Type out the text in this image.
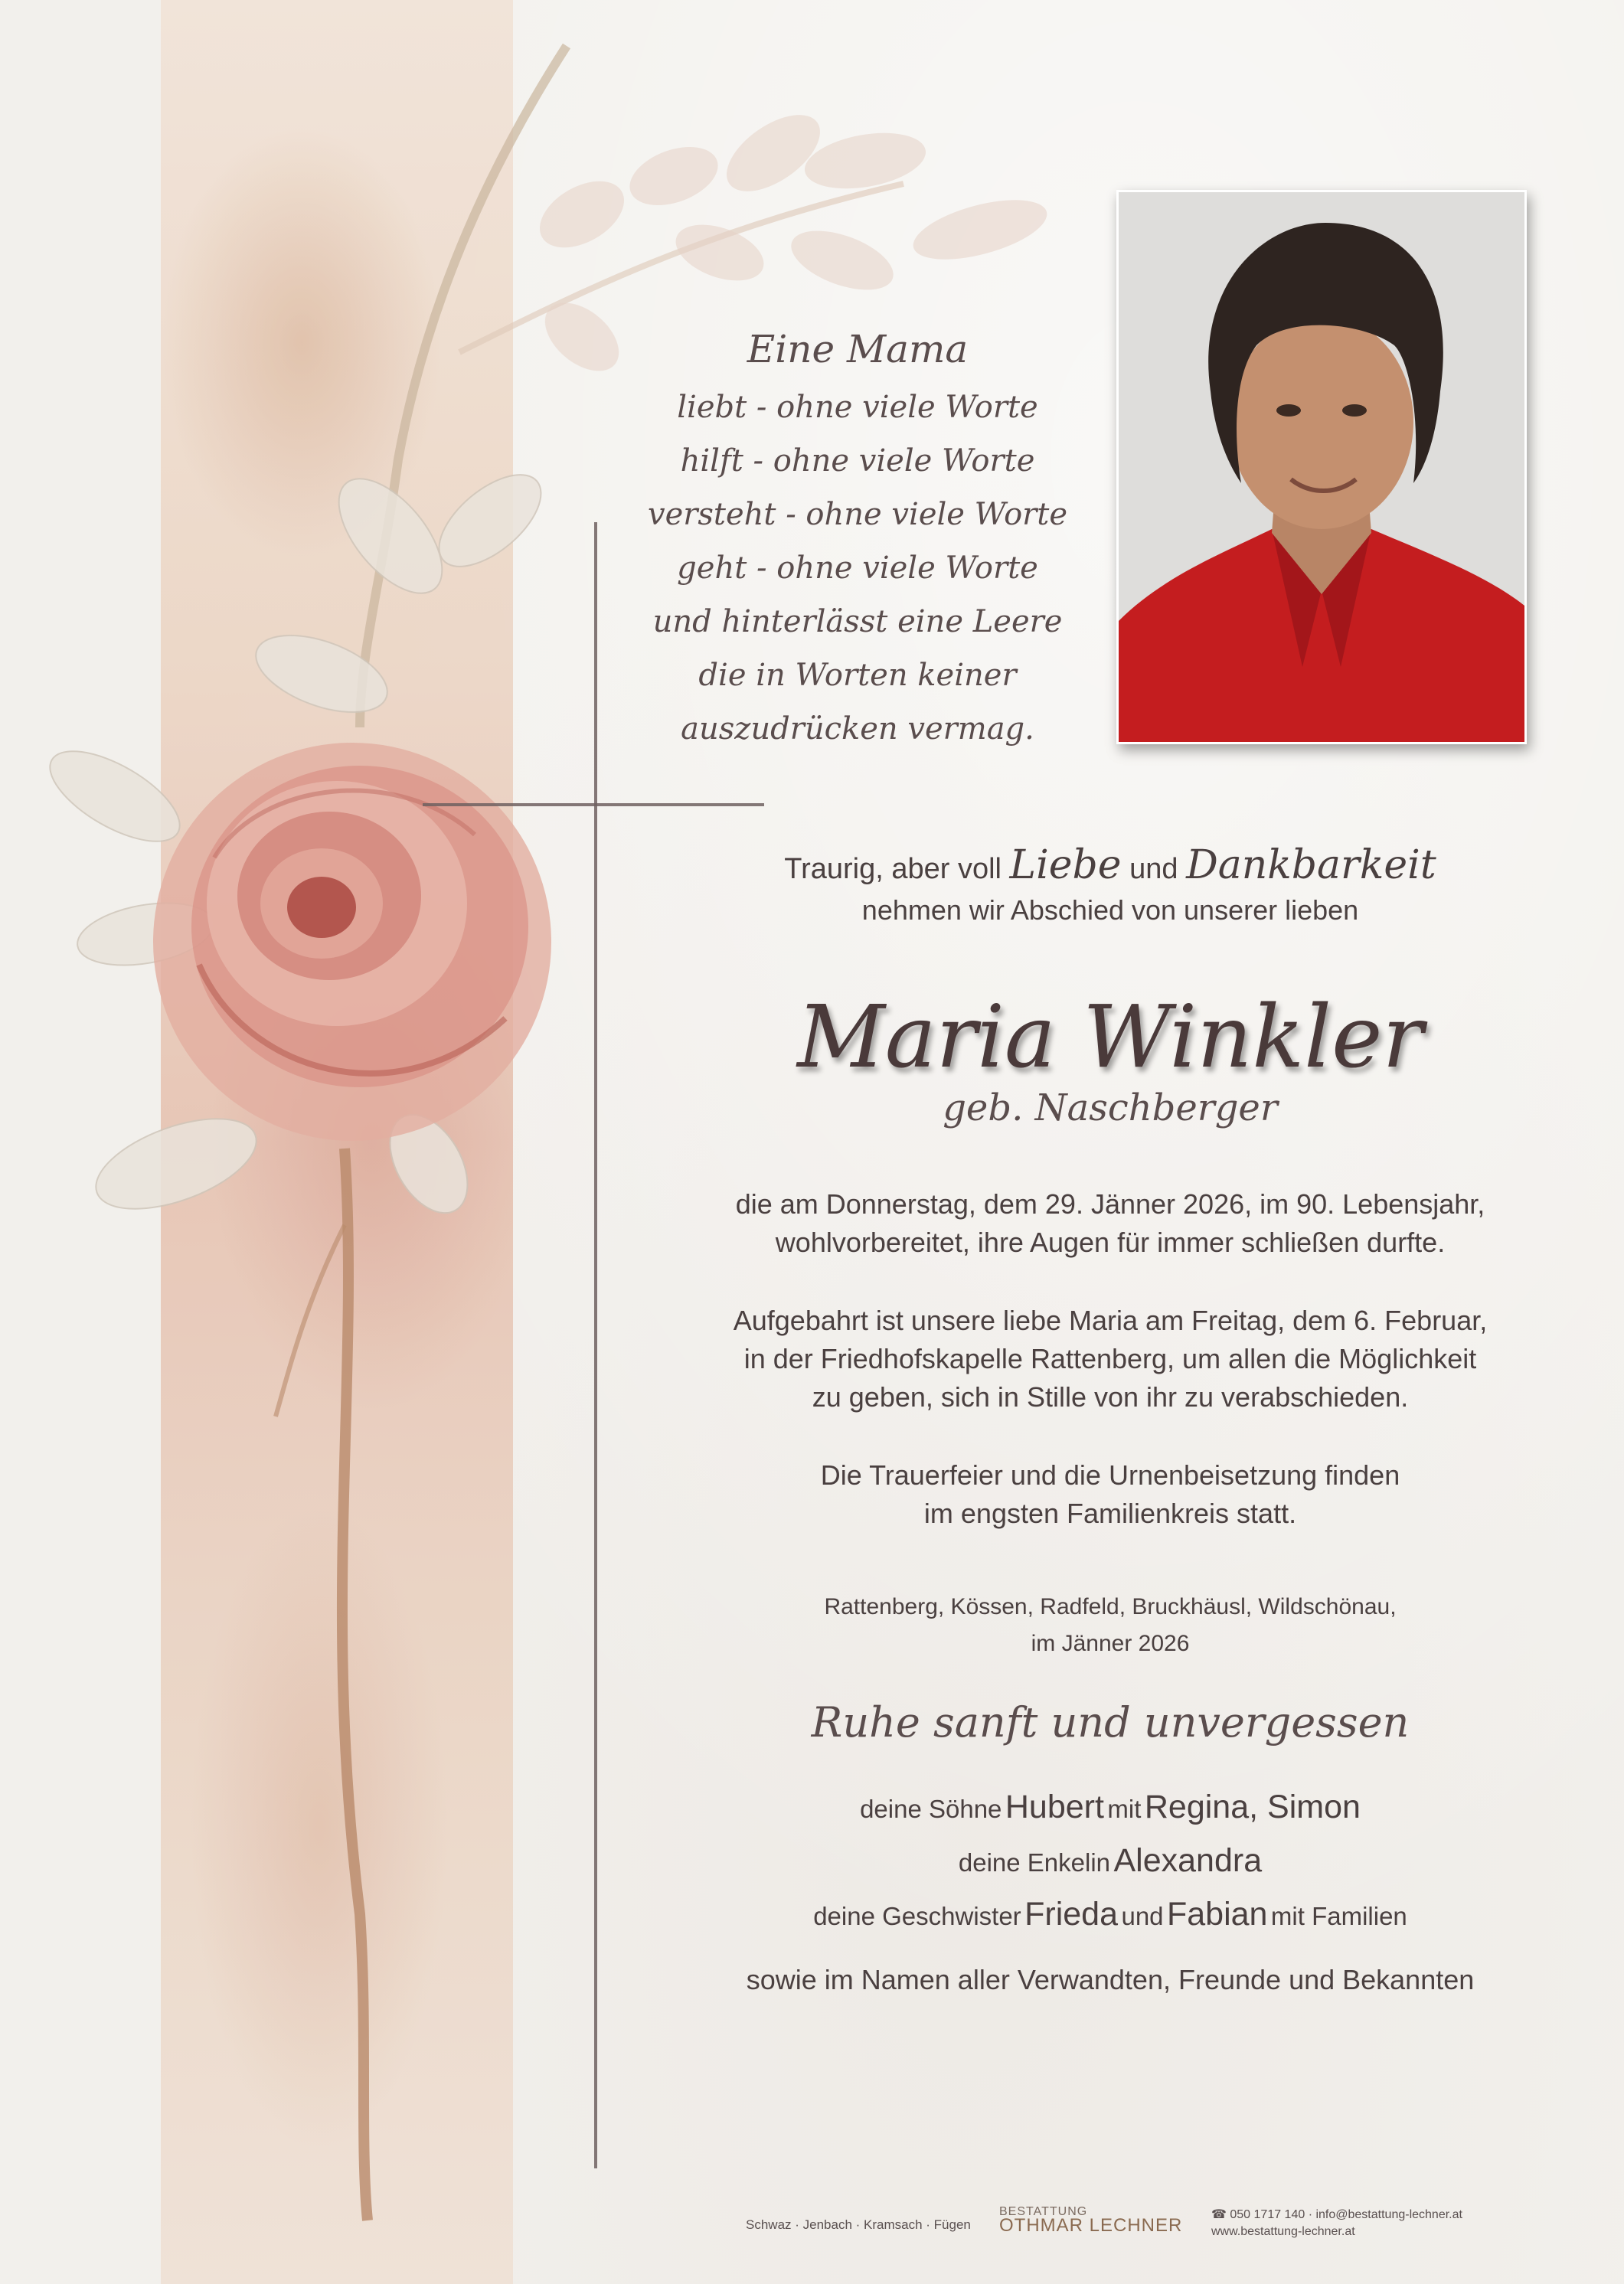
Eine Mama
liebt - ohne viele Worte
hilft - ohne viele Worte
versteht - ohne viele Worte
geht - ohne viele Worte
und hinterlässt eine Leere
die in Worten keiner
auszudrücken vermag.
Traurig, aber voll Liebe und Dankbarkeit
nehmen wir Abschied von unserer lieben
Maria Winkler
geb. Naschberger
die am Donnerstag, dem 29. Jänner 2026, im 90. Lebensjahr,
wohlvorbereitet, ihre Augen für immer schließen durfte.
Aufgebahrt ist unsere liebe Maria am Freitag, dem 6. Februar,
in der Friedhofskapelle Rattenberg, um allen die Möglichkeit
zu geben, sich in Stille von ihr zu verabschieden.
Die Trauerfeier und die Urnenbeisetzung finden
im engsten Familienkreis statt.
Rattenberg, Kössen, Radfeld, Bruckhäusl, Wildschönau,
im Jänner 2026
Ruhe sanft und unvergessen
deine Söhne Hubert mit Regina, Simon
deine Enkelin Alexandra
deine Geschwister Frieda und Fabian mit Familien
sowie im Namen aller Verwandten, Freunde und Bekannten
Schwaz · Jenbach · Kramsach · Fügen
BESTATTUNG
OTHMAR LECHNER
☎ 050 1717 140 · info@bestattung-lechner.at
www.bestattung-lechner.at
